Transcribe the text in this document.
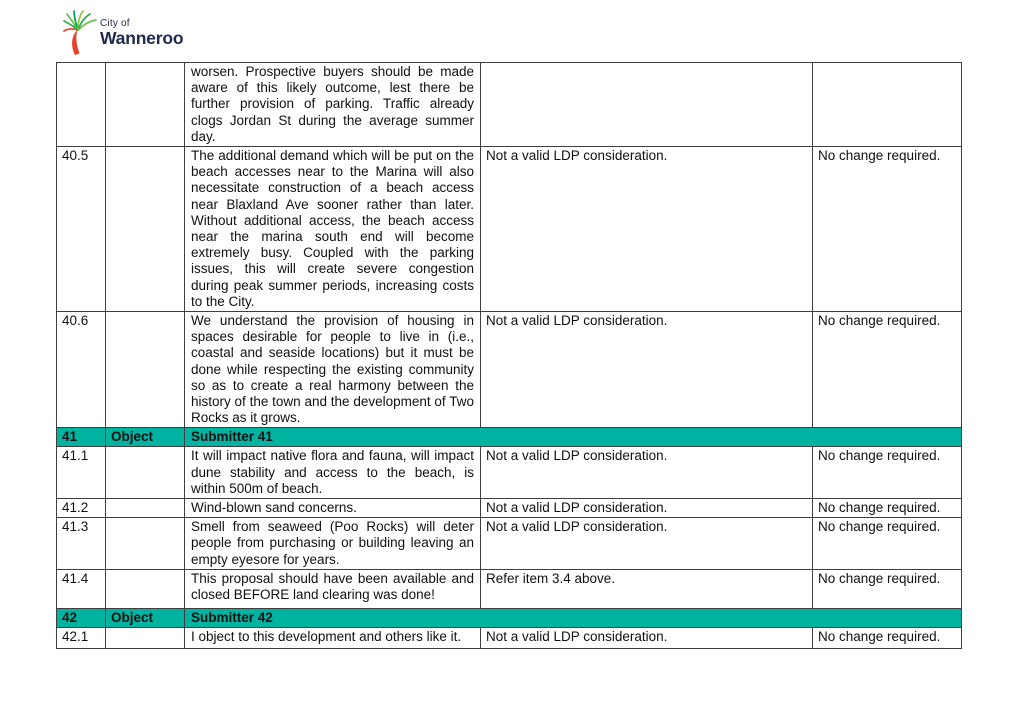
City of
Wanneroo
		worsen. Prospective buyers should be made aware of this likely outcome, lest there be further provision of parking. Traffic already clogs Jordan St during the average summer day.		
40.5		The additional demand which will be put on the beach accesses near to the Marina will also necessitate construction of a beach access near Blaxland Ave sooner rather than later. Without additional access, the beach access near the marina south end will become extremely busy. Coupled with the parking issues, this will create severe congestion during peak summer periods, increasing costs to the City.	Not a valid LDP consideration.	No change required.
40.6		We understand the provision of housing in spaces desirable for people to live in (i.e., coastal and seaside locations) but it must be done while respecting the existing community so as to create a real harmony between the history of the town and the development of Two Rocks as it grows.	Not a valid LDP consideration.	No change required.
41	Object	Submitter 41		
41.1		It will impact native flora and fauna, will impact dune stability and access to the beach, is within 500m of beach.	Not a valid LDP consideration.	No change required.
41.2		Wind-blown sand concerns.	Not a valid LDP consideration.	No change required.
41.3		Smell from seaweed (Poo Rocks) will deter people from purchasing or building leaving an empty eyesore for years.	Not a valid LDP consideration.	No change required.
41.4		This proposal should have been available and closed BEFORE land clearing was done!	Refer item 3.4 above.	No change required.
42	Object	Submitter 42		
42.1		I object to this development and others like it.	Not a valid LDP consideration.	No change required.
